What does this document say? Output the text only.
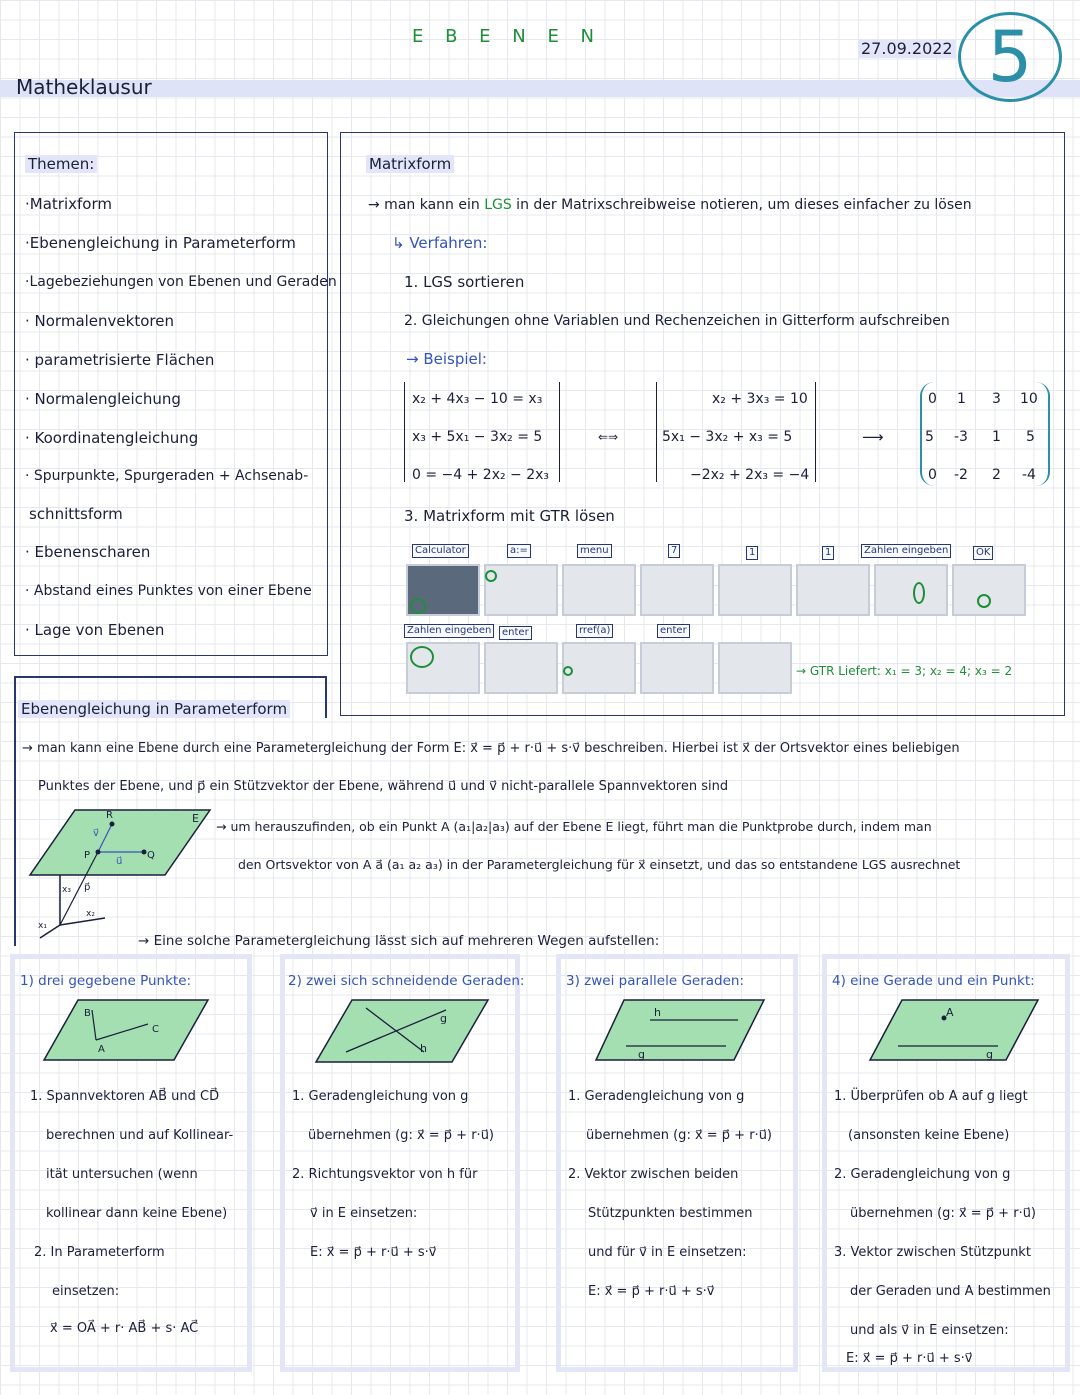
E B E N E N
27.09.2022 5
Matheklausur
Themen:
·Matrixform
·Ebenengleichung in Parameterform
·Lagebeziehungen von Ebenen und Geraden
· Normalenvektoren
· parametrisierte Flächen
· Normalengleichung
· Koordinatengleichung
· Spurpunkte, Spurgeraden + Achsenab-
schnittsform
· Ebenenscharen
· Abstand eines Punktes von einer Ebene
· Lage von Ebenen
Matrixform
→ man kann ein LGS in der Matrixschreibweise notieren, um dieses einfacher zu lösen
↳ Verfahren:
1. LGS sortieren
2. Gleichungen ohne Variablen und Rechenzeichen in Gitterform aufschreiben
→ Beispiel:
x₂ + 4x₃ − 10 = x₃
x₃ + 5x₁ − 3x₂ = 5
0 = −4 + 2x₂ − 2x₃
⇐⇒
x₂ + 3x₃ = 10
5x₁ − 3x₂ + x₃ = 5
−2x₂ + 2x₃ = −4
⟶
0 1 3 10
5 -3 1 5
0 -2 2 -4
3. Matrixform mit GTR lösen
Calculator	a:=	menu	7	1	1	Zahlen eingeben	OK
Zahlen eingeben	enter	rref(a)	enter
→ GTR Liefert: x₁ = 3; x₂ = 4; x₃ = 2
Ebenengleichung in Parameterform
→ man kann eine Ebene durch eine Parametergleichung der Form E: x⃗ = p⃗ + r·u⃗ + s·v⃗ beschreiben. Hierbei ist x⃗ der Ortsvektor eines beliebigen
Punktes der Ebene, und p⃗ ein Stützvektor der Ebene, während u⃗ und v⃗ nicht-parallele Spannvektoren sind
→ um herauszufinden, ob ein Punkt A (a₁|a₂|a₃) auf der Ebene E liegt, führt man die Punktprobe durch, indem man
den Ortsvektor von A a⃗ (a₁ a₂ a₃) in der Parametergleichung für x⃗ einsetzt, und das so entstandene LGS ausrechnet
E
R
P	Q
v⃗
u⃗
p⃗
x₃
x₁
x₂
→ Eine solche Parametergleichung lässt sich auf mehreren Wegen aufstellen:
1) drei gegebene Punkte:
B
C
A
1. Spannvektoren AB⃗ und CD⃗
berechnen und auf Kollinear-
ität untersuchen (wenn
kollinear dann keine Ebene)
2. In Parameterform
einsetzen:
x⃗ = OA⃗ + r· AB⃗ + s· AC⃗
2) zwei sich schneidende Geraden:
g
h
1. Geradengleichung von g
übernehmen (g: x⃗ = p⃗ + r·u⃗)
2. Richtungsvektor von h für
v⃗ in E einsetzen:
E: x⃗ = p⃗ + r·u⃗ + s·v⃗
3) zwei parallele Geraden:
h
g
1. Geradengleichung von g
übernehmen (g: x⃗ = p⃗ + r·u⃗)
2. Vektor zwischen beiden
Stützpunkten bestimmen
und für v⃗ in E einsetzen:
E: x⃗ = p⃗ + r·u⃗ + s·v⃗
4) eine Gerade und ein Punkt:
A
g
1. Überprüfen ob A auf g liegt
(ansonsten keine Ebene)
2. Geradengleichung von g
übernehmen (g: x⃗ = p⃗ + r·u⃗)
3. Vektor zwischen Stützpunkt
der Geraden und A bestimmen
und als v⃗ in E einsetzen:
E: x⃗ = p⃗ + r·u⃗ + s·v⃗
